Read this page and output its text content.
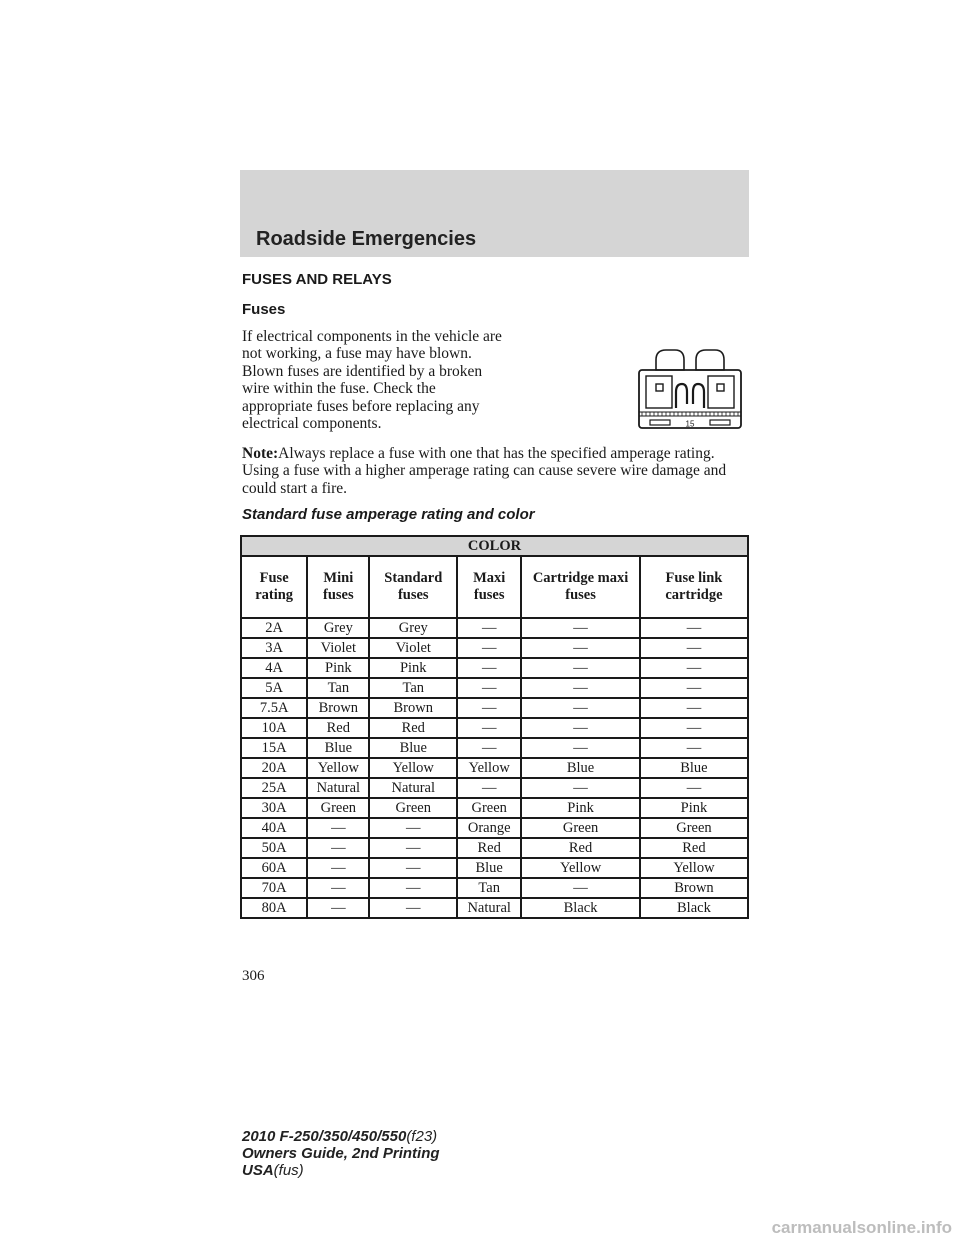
Roadside Emergencies
FUSES AND RELAYS
Fuses

If electrical components in the vehicle are not working, a fuse may have blown. Blown fuses are identified by a broken wire within the fuse. Check the appropriate fuses before replacing any electrical components.	15

Note:Always replace a fuse with one that has the specified amperage rating. Using a fuse with a higher amperage rating can cause severe wire damage and could start a fire.

Standard fuse amperage rating and color

COLOR					
Fuse rating	Mini fuses	Standard fuses	Maxi fuses	Cartridge maxi fuses	Fuse link cartridge
2A	Grey	Grey	—	—	—
3A	Violet	Violet	—	—	—
4A	Pink	Pink	—	—	—
5A	Tan	Tan	—	—	—
7.5A	Brown	Brown	—	—	—
10A	Red	Red	—	—	—
15A	Blue	Blue	—	—	—
20A	Yellow	Yellow	Yellow	Blue	Blue
25A	Natural	Natural	—	—	—
30A	Green	Green	Green	Pink	Pink
40A	—	—	Orange	Green	Green
50A	—	—	Red	Red	Red
60A	—	—	Blue	Yellow	Yellow
70A	—	—	Tan	—	Brown
80A	—	—	Natural	Black	Black
306
2010 F-250/350/450/550(f23)
Owners Guide, 2nd Printing
USA(fus)
carmanualsonline.info
